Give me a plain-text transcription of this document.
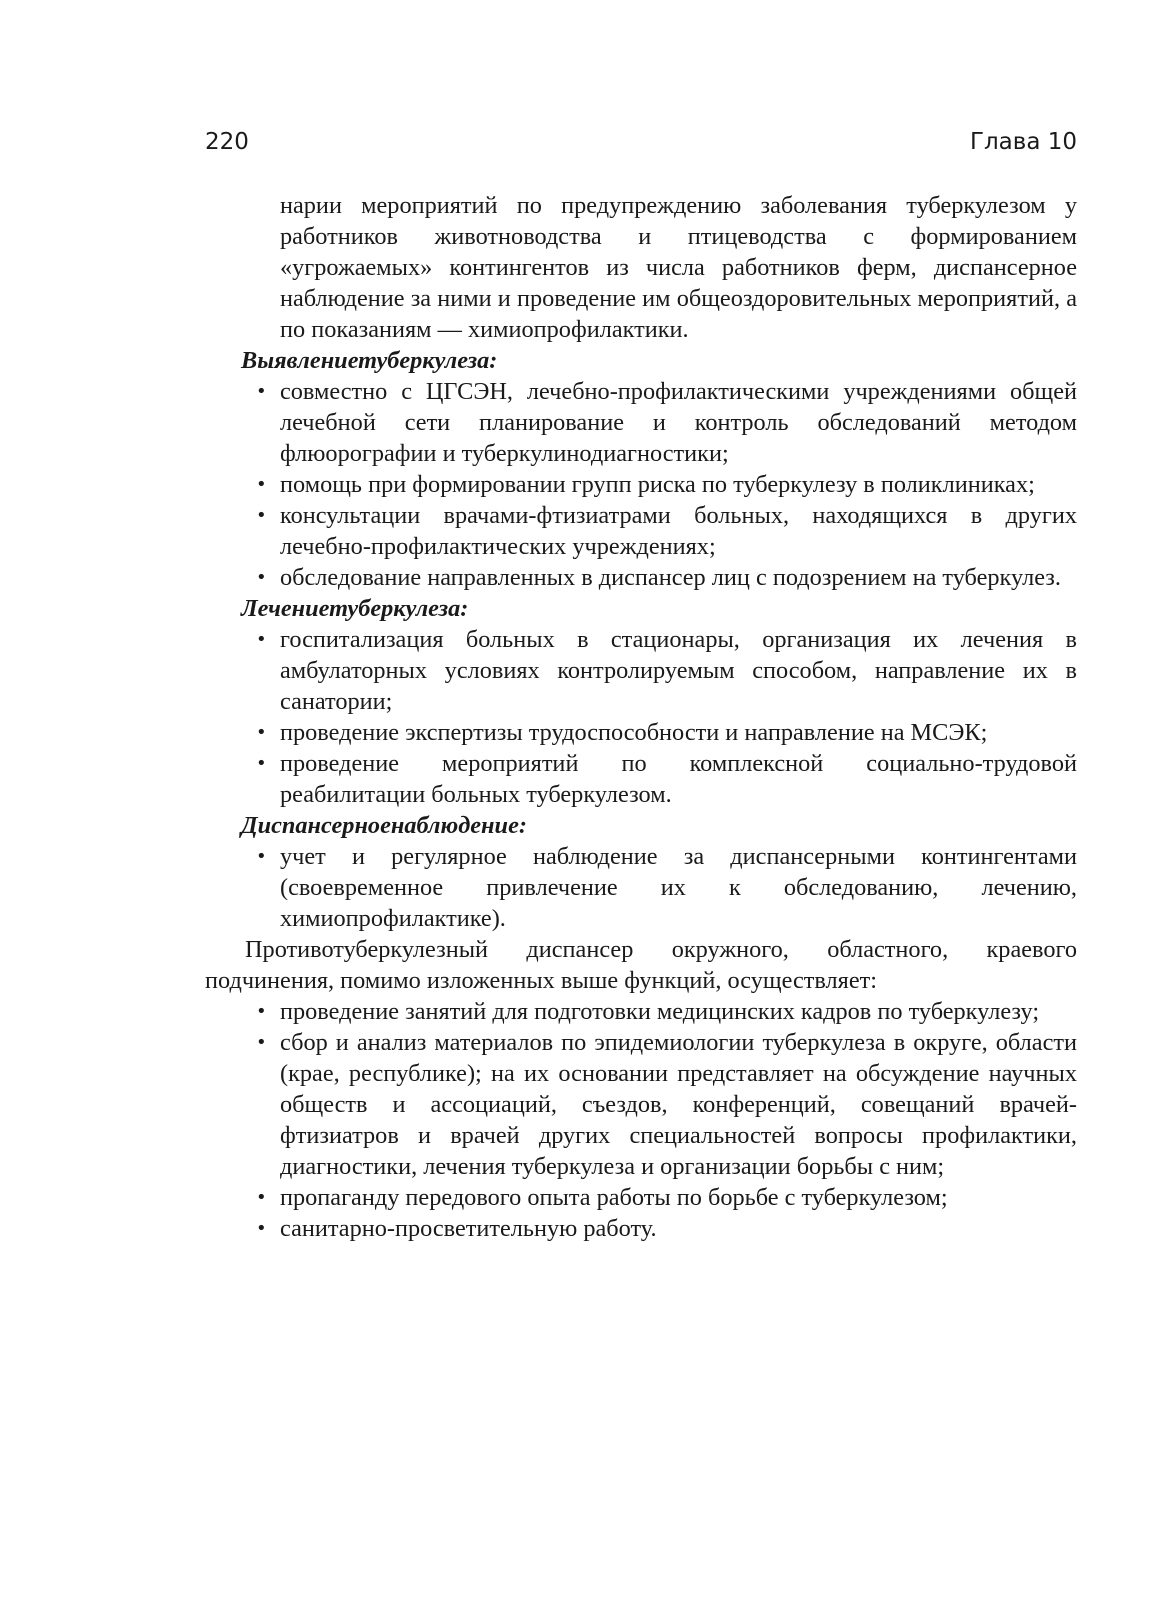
220	Глава 10

нарии мероприятий по предупреждению заболевания туберкулезом у работников животноводства и птицеводства с формированием «угрожаемых» контингентов из числа работников ферм, диспансерное наблюдение за ними и проведение им общеоздоровительных мероприятий, а по показаниям — химиопрофилактики.

Выявлениетуберкулеза:

• совместно с ЦГСЭН, лечебно-профилактическими учреждениями общей лечебной сети планирование и контроль обследований методом флюорографии и туберкулинодиагностики;
• помощь при формировании групп риска по туберкулезу в поликлиниках;
• консультации врачами-фтизиатрами больных, находящихся в других лечебно-профилактических учреждениях;
• обследование направленных в диспансер лиц с подозрением на туберкулез.

Лечениетуберкулеза:

• госпитализация больных в стационары, организация их лечения в амбулаторных условиях контролируемым способом, направление их в санатории;
• проведение экспертизы трудоспособности и направление на МСЭК;
• проведение мероприятий по комплексной социально-трудовой реабилитации больных туберкулезом.

Диспансерноенаблюдение:

• учет и регулярное наблюдение за диспансерными контингентами (своевременное привлечение их к обследованию, лечению, химиопрофилактике).

Противотуберкулезный диспансер окружного, областного, краевого подчинения, помимо изложенных выше функций, осуществляет:

• проведение занятий для подготовки медицинских кадров по туберкулезу;
• сбор и анализ материалов по эпидемиологии туберкулеза в округе, области (крае, республике); на их основании представляет на обсуждение научных обществ и ассоциаций, съездов, конференций, совещаний врачей-фтизиатров и врачей других специальностей вопросы профилактики, диагностики, лечения туберкулеза и организации борьбы с ним;
• пропаганду передового опыта работы по борьбе с туберкулезом;
• санитарно-просветительную работу.
